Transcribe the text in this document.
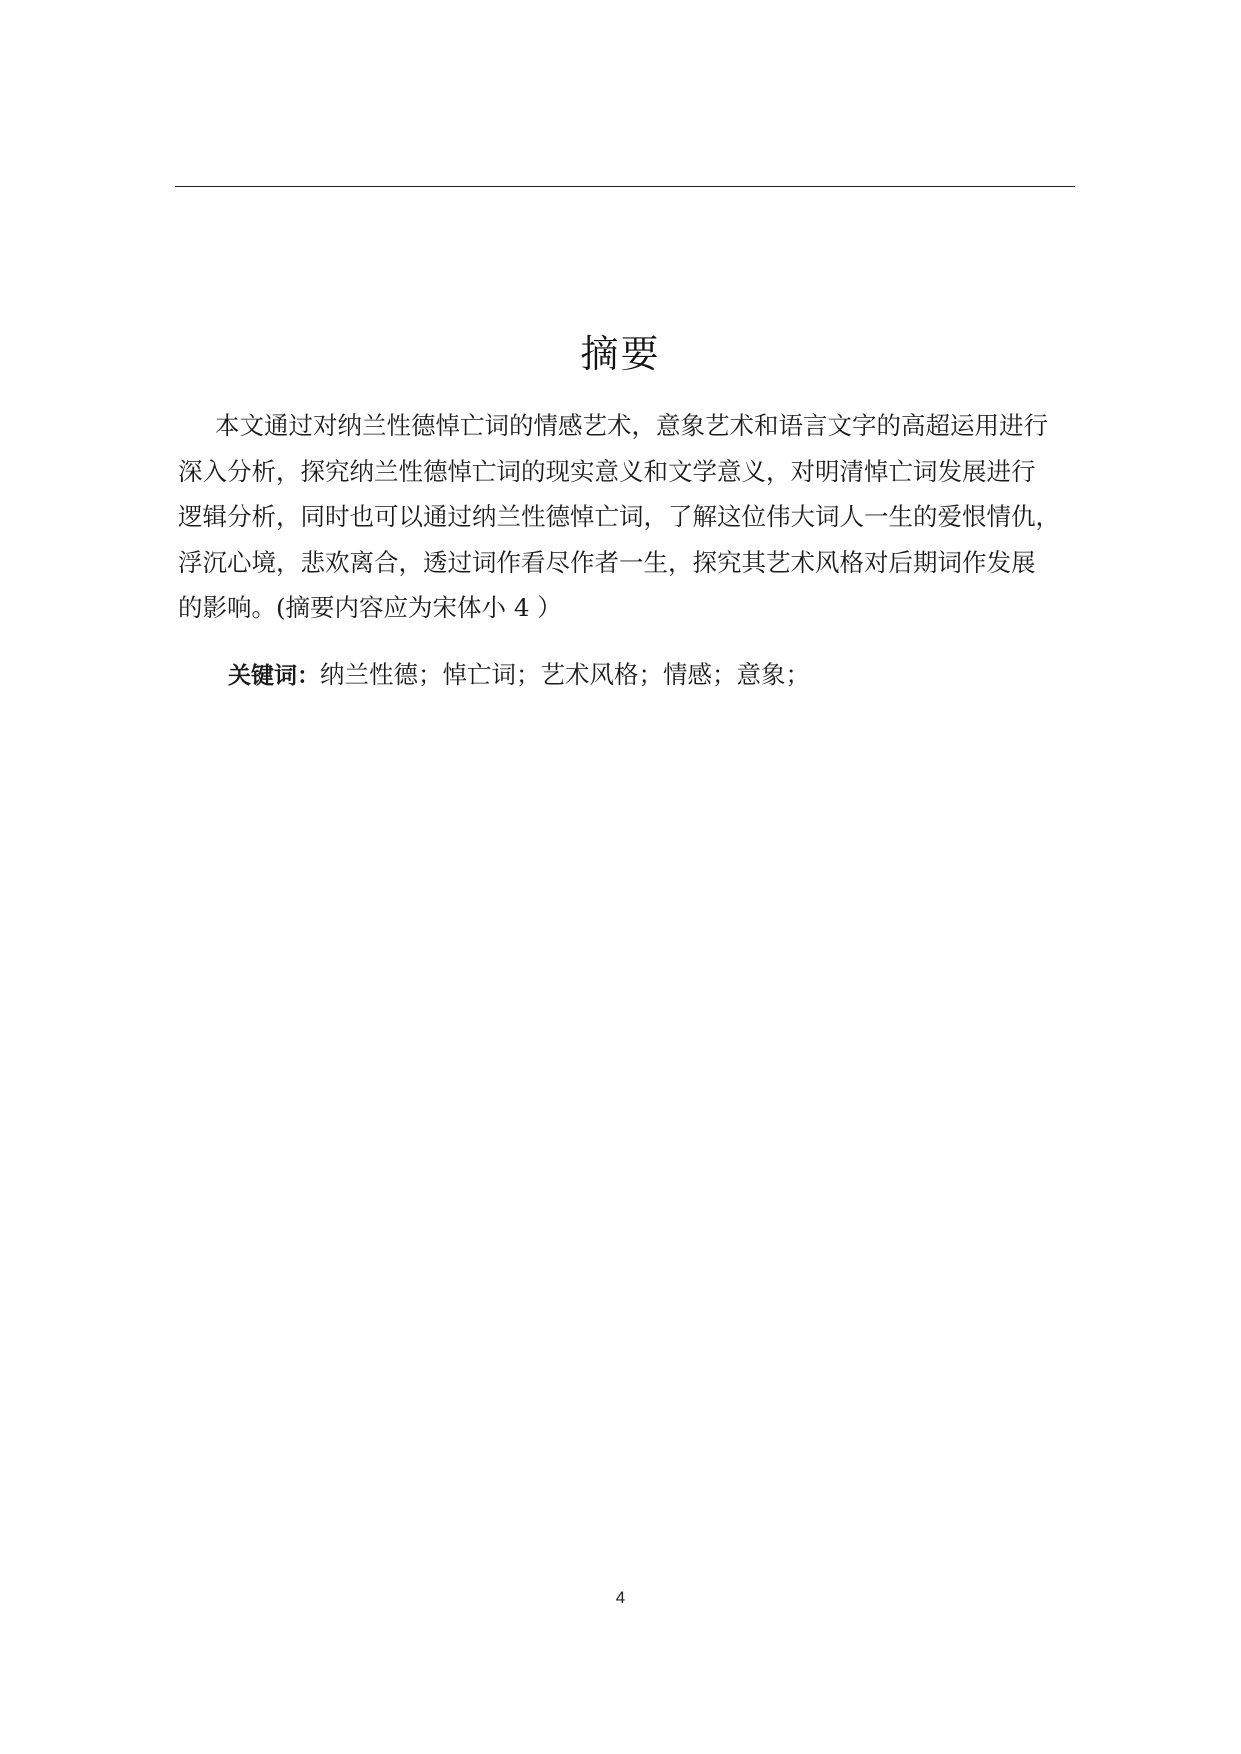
摘要
本文通过对纳兰性德悼亡词的情感艺术，意象艺术和语言文字的高超运用进行
深入分析，探究纳兰性德悼亡词的现实意义和文学意义，对明清悼亡词发展进行
逻辑分析，同时也可以通过纳兰性德悼亡词，了解这位伟大词人一生的爱恨情仇，
浮沉心境，悲欢离合，透过词作看尽作者一生，探究其艺术风格对后期词作发展
的影响。(摘要内容应为宋体小 4 ）
关键词：纳兰性德；悼亡词；艺术风格；情感；意象；
4
